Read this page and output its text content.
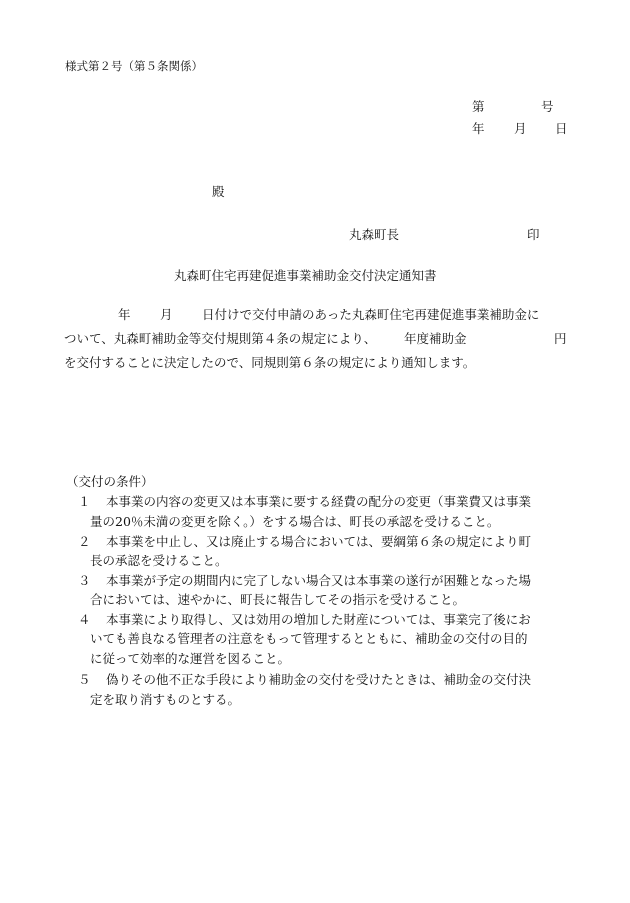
様式第２号（第５条関係）
第	号
年 月 日
殿
丸森町長	印
丸森町住宅再建促進事業補助金交付決定通知書
年 月 日付けで交付申請のあった丸森町住宅再建促進事業補助金に
ついて、丸森町補助金等交付規則第４条の規定により、 年度補助金	円
を交付することに決定したので、同規則第６条の規定により通知します。
（交付の条件）
１ 本事業の内容の変更又は本事業に要する経費の配分の変更（事業費又は事業
量の20％未満の変更を除く。）をする場合は、町長の承認を受けること。
２ 本事業を中止し、又は廃止する場合においては、要綱第６条の規定により町
長の承認を受けること。
３ 本事業が予定の期間内に完了しない場合又は本事業の遂行が困難となった場
合においては、速やかに、町長に報告してその指示を受けること。
４ 本事業により取得し、又は効用の増加した財産については、事業完了後にお
いても善良なる管理者の注意をもって管理するとともに、補助金の交付の目的
に従って効率的な運営を図ること。
５ 偽りその他不正な手段により補助金の交付を受けたときは、補助金の交付決
定を取り消すものとする。
